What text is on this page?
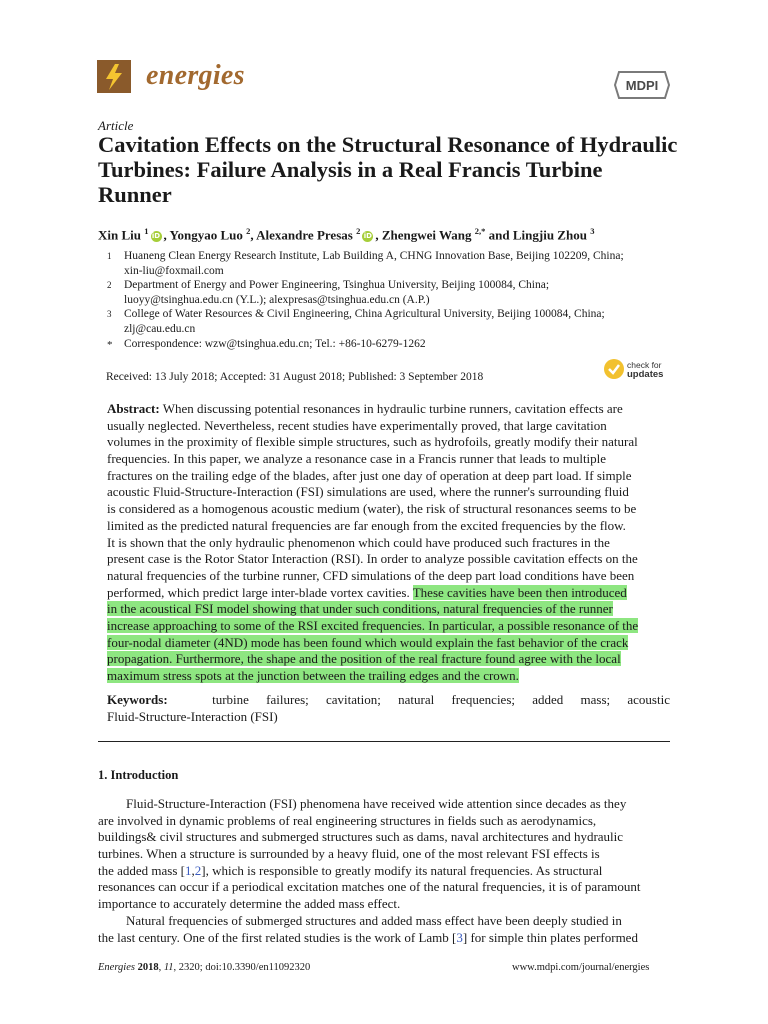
energies	MDPI
Article
Cavitation Effects on the Structural Resonance of Hydraulic Turbines: Failure Analysis in a Real Francis Turbine Runner
Xin Liu $^1$ iD , Yongyao Luo $^2$, Alexandre Presas $^2$ iD , Zhengwei Wang $^{2,*}$ and Lingjiu Zhou $^3$
1 Huaneng Clean Energy Research Institute, Lab Building A, CHNG Innovation Base, Beijing 102209, China;
xin-liu@foxmail.com
2 Department of Energy and Power Engineering, Tsinghua University, Beijing 100084, China;
luoyy@tsinghua.edu.cn (Y.L.); alexpresas@tsinghua.edu.cn (A.P.)
3 College of Water Resources & Civil Engineering, China Agricultural University, Beijing 100084, China;
zlj@cau.edu.cn
* Correspondence: wzw@tsinghua.edu.cn; Tel.: +86-10-6279-1262
Received: 13 July 2018; Accepted: 31 August 2018; Published: 3 September 2018
check for
updates
Abstract: When discussing potential resonances in hydraulic turbine runners, cavitation effects are
usually neglected. Nevertheless, recent studies have experimentally proved, that large cavitation
volumes in the proximity of flexible simple structures, such as hydrofoils, greatly modify their natural
frequencies. In this paper, we analyze a resonance case in a Francis runner that leads to multiple
fractures on the trailing edge of the blades, after just one day of operation at deep part load. If simple
acoustic Fluid-Structure-Interaction (FSI) simulations are used, where the runner's surrounding fluid
is considered as a homogenous acoustic medium (water), the risk of structural resonances seems to be
limited as the predicted natural frequencies are far enough from the excited frequencies by the flow.
It is shown that the only hydraulic phenomenon which could have produced such fractures in the
present case is the Rotor Stator Interaction (RSI). In order to analyze possible cavitation effects on the
natural frequencies of the turbine runner, CFD simulations of the deep part load conditions have been
performed, which predict large inter-blade vortex cavities. These cavities have been then introduced
in the acoustical FSI model showing that under such conditions, natural frequencies of the runner
increase approaching to some of the RSI excited frequencies. In particular, a possible resonance of the
four-nodal diameter (4ND) mode has been found which would explain the fast behavior of the crack
propagation. Furthermore, the shape and the position of the real fracture found agree with the local
maximum stress spots at the junction between the trailing edges and the crown.
Keywords:	turbine failures; cavitation; natural frequencies; added mass; acoustic
Fluid-Structure-Interaction (FSI)
1. Introduction
Fluid-Structure-Interaction (FSI) phenomena have received wide attention since decades as they
are involved in dynamic problems of real engineering structures in fields such as aerodynamics,
buildings& civil structures and submerged structures such as dams, naval architectures and hydraulic
turbines. When a structure is surrounded by a heavy fluid, one of the most relevant FSI effects is
the added mass [1,2], which is responsible to greatly modify its natural frequencies. As structural
resonances can occur if a periodical excitation matches one of the natural frequencies, it is of paramount
importance to accurately determine the added mass effect.
Natural frequencies of submerged structures and added mass effect have been deeply studied in
the last century. One of the first related studies is the work of Lamb [3] for simple thin plates performed
Energies 2018, 11, 2320; doi:10.3390/en11092320	www.mdpi.com/journal/energies
